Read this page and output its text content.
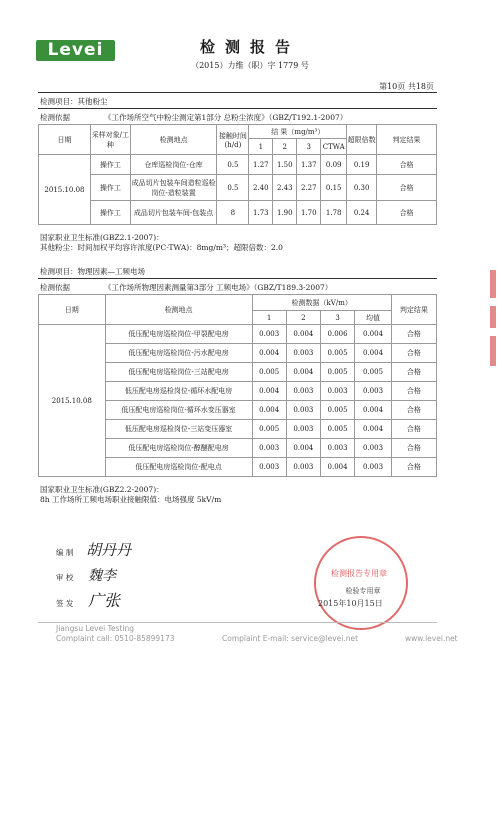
Levei	检测报告
（2015）力维（职）字 1779 号
第10页 共18页
检测项目：其他粉尘
检测依据	《工作场所空气中粉尘测定第1部分 总粉尘浓度》（GBZ/T192.1-2007）
日期	采样对象/工种	检测地点	接触时间(h/d)	结 果（mg/m³）				超限倍数	判定结果
				1	2	3	CTWA		
2015.10.08	操作工	仓库巡检岗位-仓库	0.5	1.27	1.50	1.37	0.09	0.19	合格
	操作工	成品切片包装车间造粒巡检岗位-造粒装置	0.5	2.40	2.43	2.27	0.15	0.30	合格
	操作工	成品切片包装车间-包装点	8	1.73	1.90	1.70	1.78	0.24	合格
国家职业卫生标准(GBZ2.1-2007)：
其他粉尘：时间加权平均容许浓度(PC-TWA)：8mg/m³；超限倍数：2.0
检测项目：物理因素—工频电场
检测依据	《工作场所物理因素测量第3部分 工频电场》（GBZ/T189.3-2007）
日期	检测地点	检测数据（kV/m）				判定结果
		1	2	3	均值	
2015.10.08	低压配电房巡检岗位-甲裂配电房	0.003	0.004	0.006	0.004	合格
	低压配电房巡检岗位-污水配电房	0.004	0.003	0.005	0.004	合格
	低压配电房巡检岗位-三站配电房	0.005	0.004	0.005	0.005	合格
	低压配电房巡检岗位-循环水配电房	0.004	0.003	0.003	0.003	合格
	低压配电房巡检岗位-循环水变压器室	0.004	0.003	0.005	0.004	合格
	低压配电房巡检岗位-三站变压器室	0.005	0.003	0.005	0.004	合格
	低压配电房巡检岗位-醇醚配电房	0.003	0.004	0.003	0.003	合格
	低压配电房巡检岗位-配电点	0.003	0.003	0.004	0.003	合格
国家职业卫生标准(GBZ2.2-2007)：
8h 工作场所工频电场职业接触限值：电场强度 5kV/m
编 制 胡丹丹
审 校 魏李
签 发 广张
检测报告专用章
检验专用章
2015年10月15日
Jiangsu Levei Testing
Complaint call: 0510-85899173	Complaint E-mail: service@levei.net	www.levei.net
